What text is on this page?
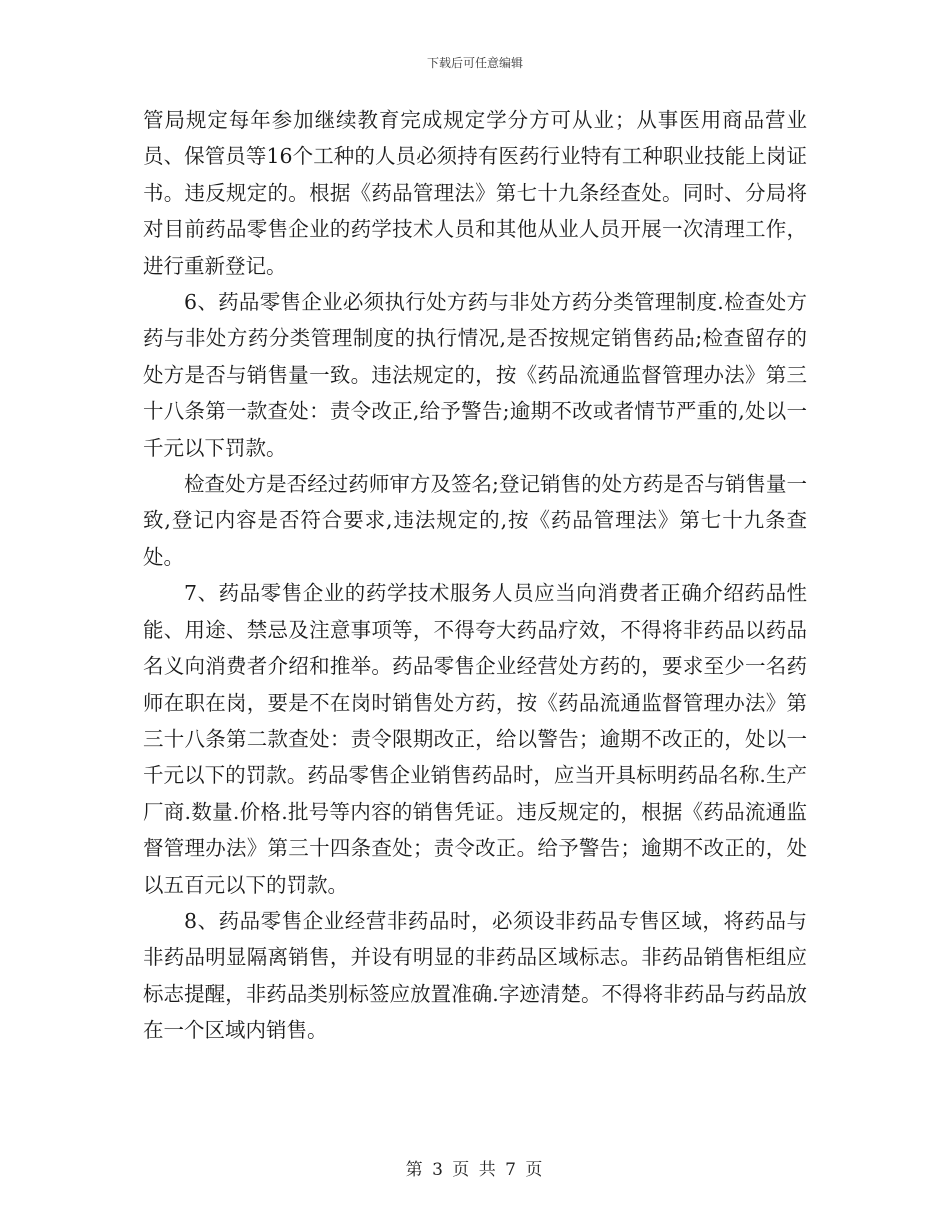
下载后可任意编辑

管局规定每年参加继续教育完成规定学分方可从业；从事医用商品营业员、保管员等16个工种的人员必须持有医药行业特有工种职业技能上岗证书。违反规定的。根据《药品管理法》第七十九条经查处。同时、分局将对目前药品零售企业的药学技术人员和其他从业人员开展一次清理工作，进行重新登记。

6、药品零售企业必须执行处方药与非处方药分类管理制度.检查处方药与非处方药分类管理制度的执行情况,是否按规定销售药品;检查留存的处方是否与销售量一致。违法规定的，按《药品流通监督管理办法》第三十八条第一款查处：责令改正,给予警告;逾期不改或者情节严重的,处以一千元以下罚款。

检查处方是否经过药师审方及签名;登记销售的处方药是否与销售量一致,登记内容是否符合要求,违法规定的,按《药品管理法》第七十九条查处。

7、药品零售企业的药学技术服务人员应当向消费者正确介绍药品性能、用途、禁忌及注意事项等，不得夸大药品疗效，不得将非药品以药品名义向消费者介绍和推举。药品零售企业经营处方药的，要求至少一名药师在职在岗，要是不在岗时销售处方药，按《药品流通监督管理办法》第三十八条第二款查处：责令限期改正，给以警告；逾期不改正的，处以一千元以下的罚款。药品零售企业销售药品时，应当开具标明药品名称.生产厂商.数量.价格.批号等内容的销售凭证。违反规定的，根据《药品流通监督管理办法》第三十四条查处；责令改正。给予警告；逾期不改正的，处以五百元以下的罚款。

8、药品零售企业经营非药品时，必须设非药品专售区域，将药品与非药品明显隔离销售，并设有明显的非药品区域标志。非药品销售柜组应标志提醒，非药品类别标签应放置准确.字迹清楚。不得将非药品与药品放在一个区域内销售。

第 3 页 共 7 页
